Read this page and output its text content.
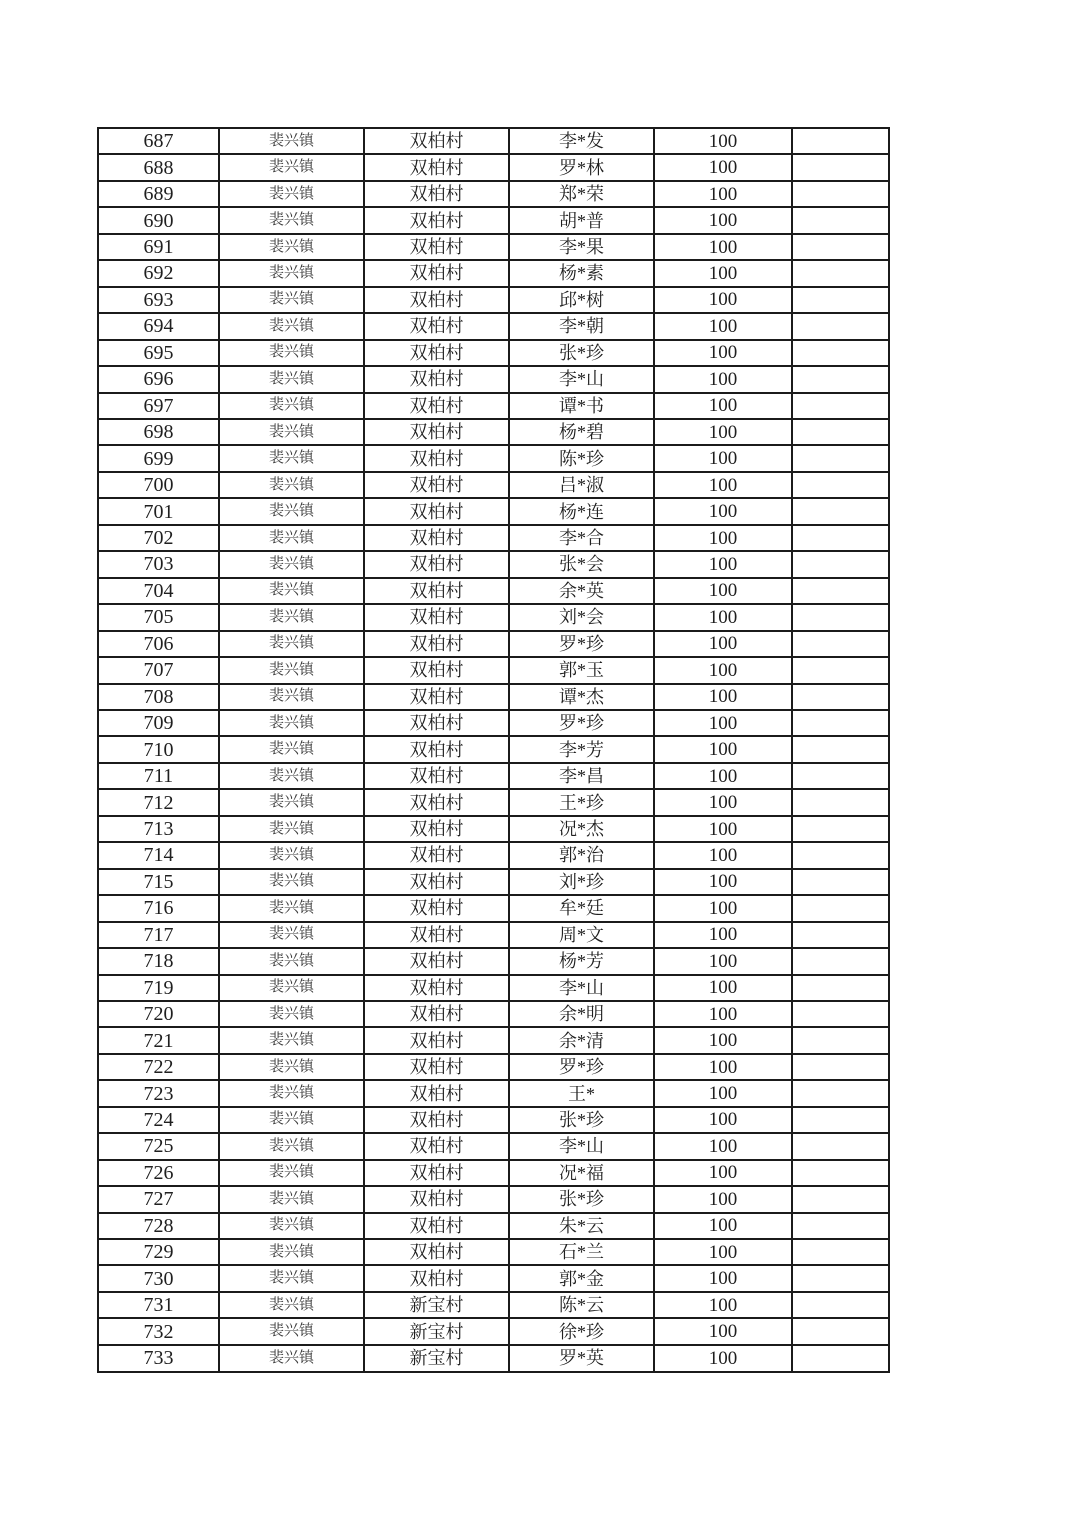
687	裴兴镇	双柏村	李*发	100	
688	裴兴镇	双柏村	罗*林	100	
689	裴兴镇	双柏村	郑*荣	100	
690	裴兴镇	双柏村	胡*普	100	
691	裴兴镇	双柏村	李*果	100	
692	裴兴镇	双柏村	杨*素	100	
693	裴兴镇	双柏村	邱*树	100	
694	裴兴镇	双柏村	李*朝	100	
695	裴兴镇	双柏村	张*珍	100	
696	裴兴镇	双柏村	李*山	100	
697	裴兴镇	双柏村	谭*书	100	
698	裴兴镇	双柏村	杨*碧	100	
699	裴兴镇	双柏村	陈*珍	100	
700	裴兴镇	双柏村	吕*淑	100	
701	裴兴镇	双柏村	杨*连	100	
702	裴兴镇	双柏村	李*合	100	
703	裴兴镇	双柏村	张*会	100	
704	裴兴镇	双柏村	余*英	100	
705	裴兴镇	双柏村	刘*会	100	
706	裴兴镇	双柏村	罗*珍	100	
707	裴兴镇	双柏村	郭*玉	100	
708	裴兴镇	双柏村	谭*杰	100	
709	裴兴镇	双柏村	罗*珍	100	
710	裴兴镇	双柏村	李*芳	100	
711	裴兴镇	双柏村	李*昌	100	
712	裴兴镇	双柏村	王*珍	100	
713	裴兴镇	双柏村	况*杰	100	
714	裴兴镇	双柏村	郭*治	100	
715	裴兴镇	双柏村	刘*珍	100	
716	裴兴镇	双柏村	牟*廷	100	
717	裴兴镇	双柏村	周*文	100	
718	裴兴镇	双柏村	杨*芳	100	
719	裴兴镇	双柏村	李*山	100	
720	裴兴镇	双柏村	余*明	100	
721	裴兴镇	双柏村	余*清	100	
722	裴兴镇	双柏村	罗*珍	100	
723	裴兴镇	双柏村	王*	100	
724	裴兴镇	双柏村	张*珍	100	
725	裴兴镇	双柏村	李*山	100	
726	裴兴镇	双柏村	况*福	100	
727	裴兴镇	双柏村	张*珍	100	
728	裴兴镇	双柏村	朱*云	100	
729	裴兴镇	双柏村	石*兰	100	
730	裴兴镇	双柏村	郭*金	100	
731	裴兴镇	新宝村	陈*云	100	
732	裴兴镇	新宝村	徐*珍	100	
733	裴兴镇	新宝村	罗*英	100	
